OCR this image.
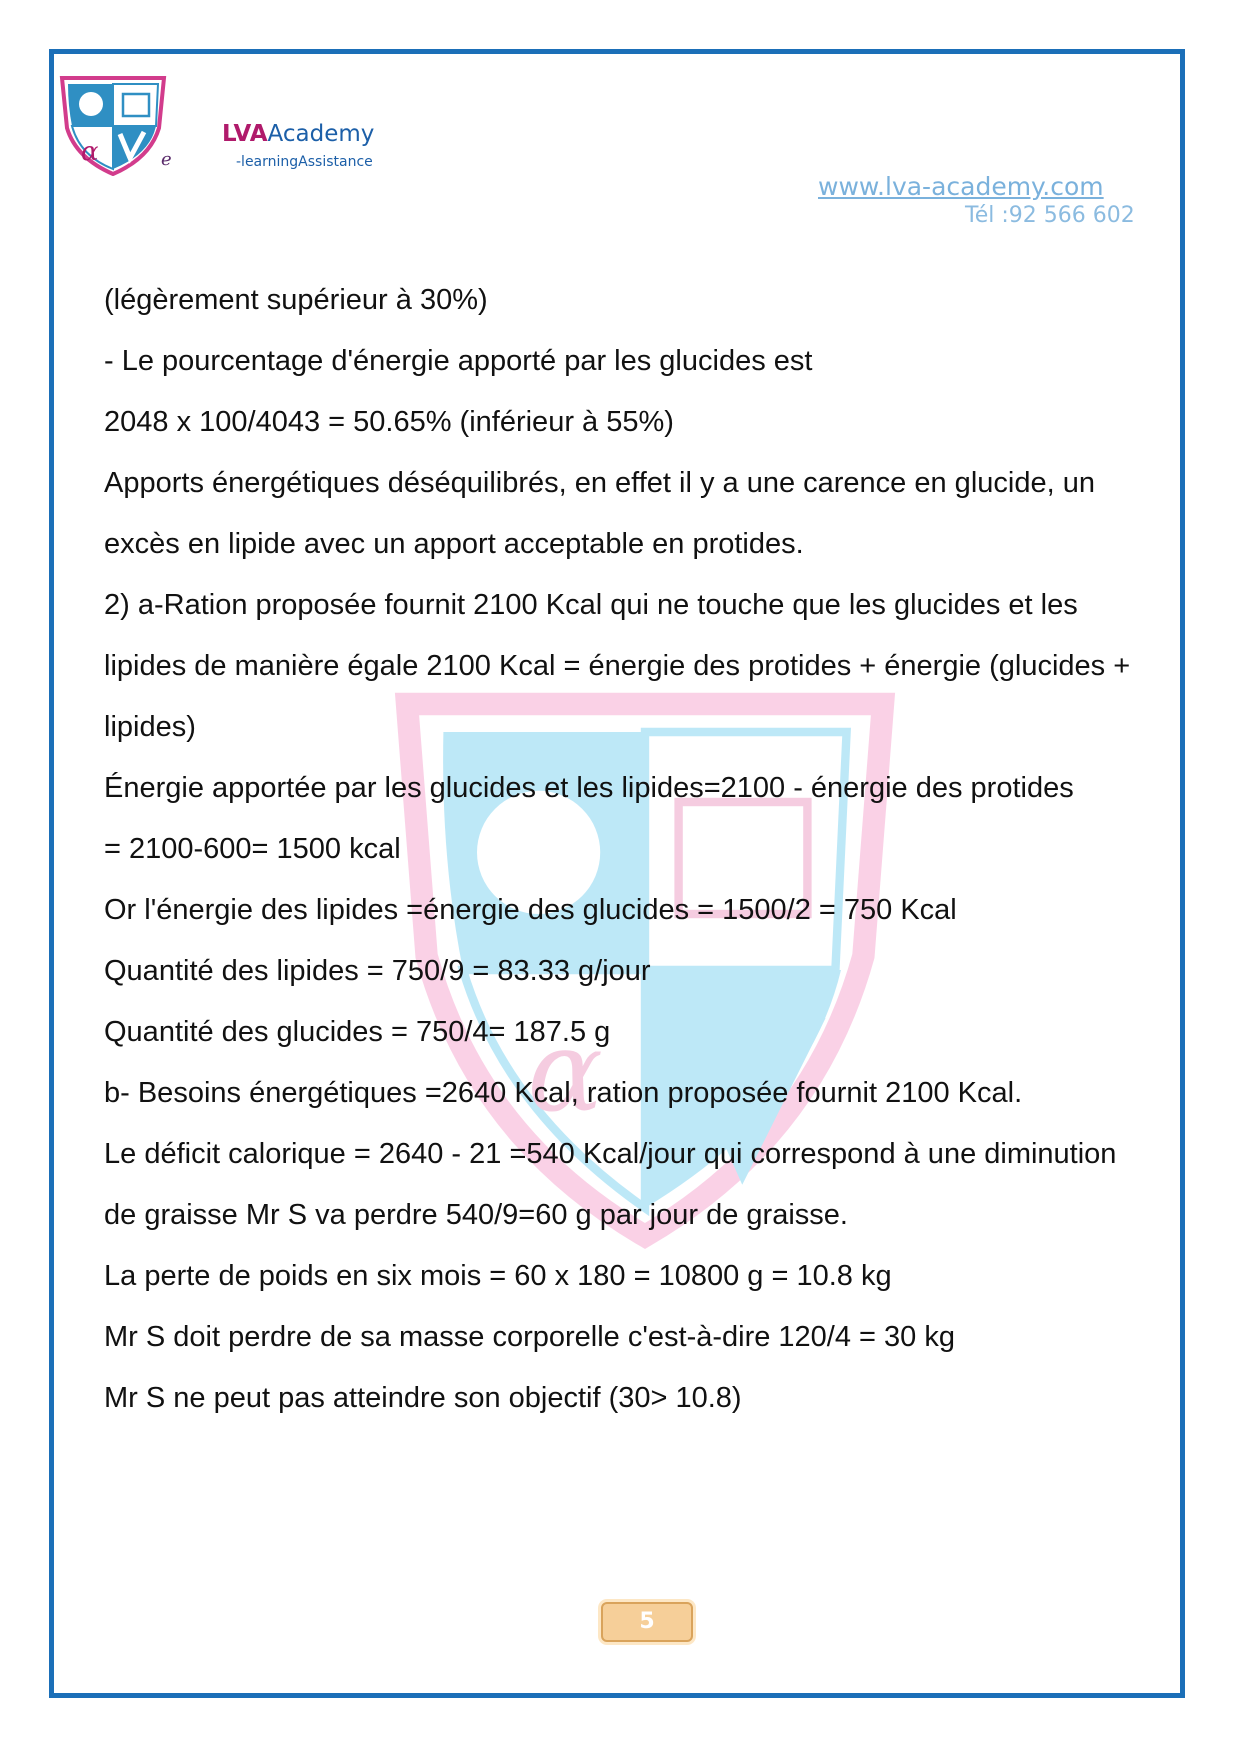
α
α	e
LVAAcademy
-learningAssistance
www.lva-academy.com
Tél :92 566 602
(légèrement supérieur à 30%)
- Le pourcentage d'énergie apporté par les glucides est
2048 x 100/4043 = 50.65% (inférieur à 55%)
Apports énergétiques déséquilibrés, en effet il y a une carence en glucide, un
excès en lipide avec un apport acceptable en protides.
2) a-Ration proposée fournit 2100 Kcal qui ne touche que les glucides et les
lipides de manière égale 2100 Kcal = énergie des protides + énergie (glucides +
lipides)
Énergie apportée par les glucides et les lipides=2100 - énergie des protides
= 2100-600= 1500 kcal
Or l'énergie des lipides =énergie des glucides = 1500/2 = 750 Kcal
Quantité des lipides = 750/9 = 83.33 g/jour
Quantité des glucides = 750/4= 187.5 g
b- Besoins énergétiques =2640 Kcal, ration proposée fournit 2100 Kcal.
Le déficit calorique = 2640 - 21 =540 Kcal/jour qui correspond à une diminution
de graisse Mr S va perdre 540/9=60 g par jour de graisse.
La perte de poids en six mois = 60 x 180 = 10800 g = 10.8 kg
Mr S doit perdre de sa masse corporelle c'est-à-dire 120/4 = 30 kg
Mr S ne peut pas atteindre son objectif (30> 10.8)
5
